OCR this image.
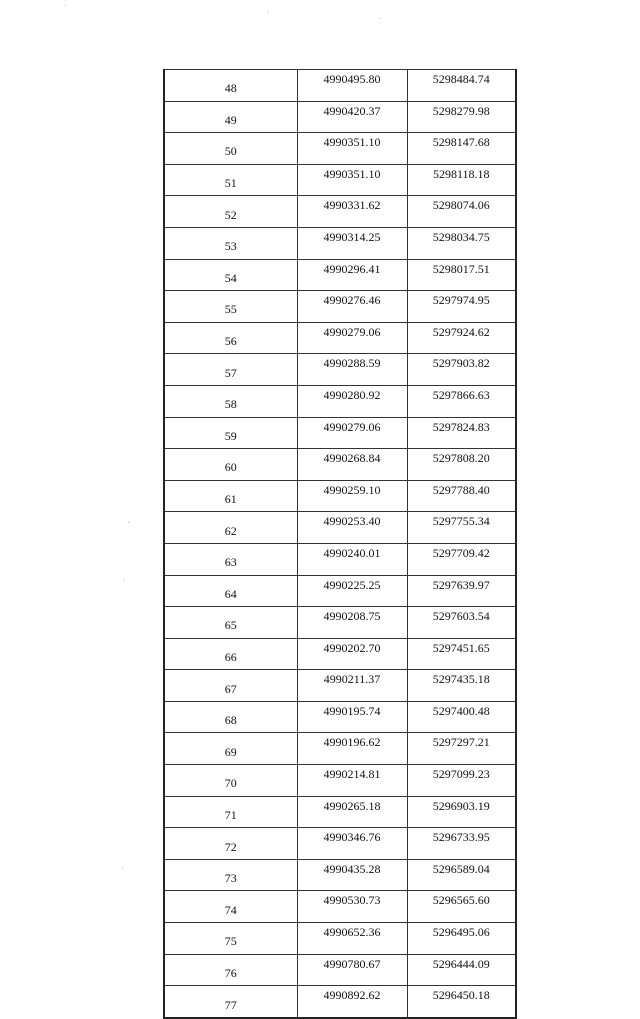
48	4990495.80	5298484.74
49	4990420.37	5298279.98
50	4990351.10	5298147.68
51	4990351.10	5298118.18
52	4990331.62	5298074.06
53	4990314.25	5298034.75
54	4990296.41	5298017.51
55	4990276.46	5297974.95
56	4990279.06	5297924.62
57	4990288.59	5297903.82
58	4990280.92	5297866.63
59	4990279.06	5297824.83
60	4990268.84	5297808.20
61	4990259.10	5297788.40
62	4990253.40	5297755.34
63	4990240.01	5297709.42
64	4990225.25	5297639.97
65	4990208.75	5297603.54
66	4990202.70	5297451.65
67	4990211.37	5297435.18
68	4990195.74	5297400.48
69	4990196.62	5297297.21
70	4990214.81	5297099.23
71	4990265.18	5296903.19
72	4990346.76	5296733.95
73	4990435.28	5296589.04
74	4990530.73	5296565.60
75	4990652.36	5296495.06
76	4990780.67	5296444.09
77	4990892.62	5296450.18
